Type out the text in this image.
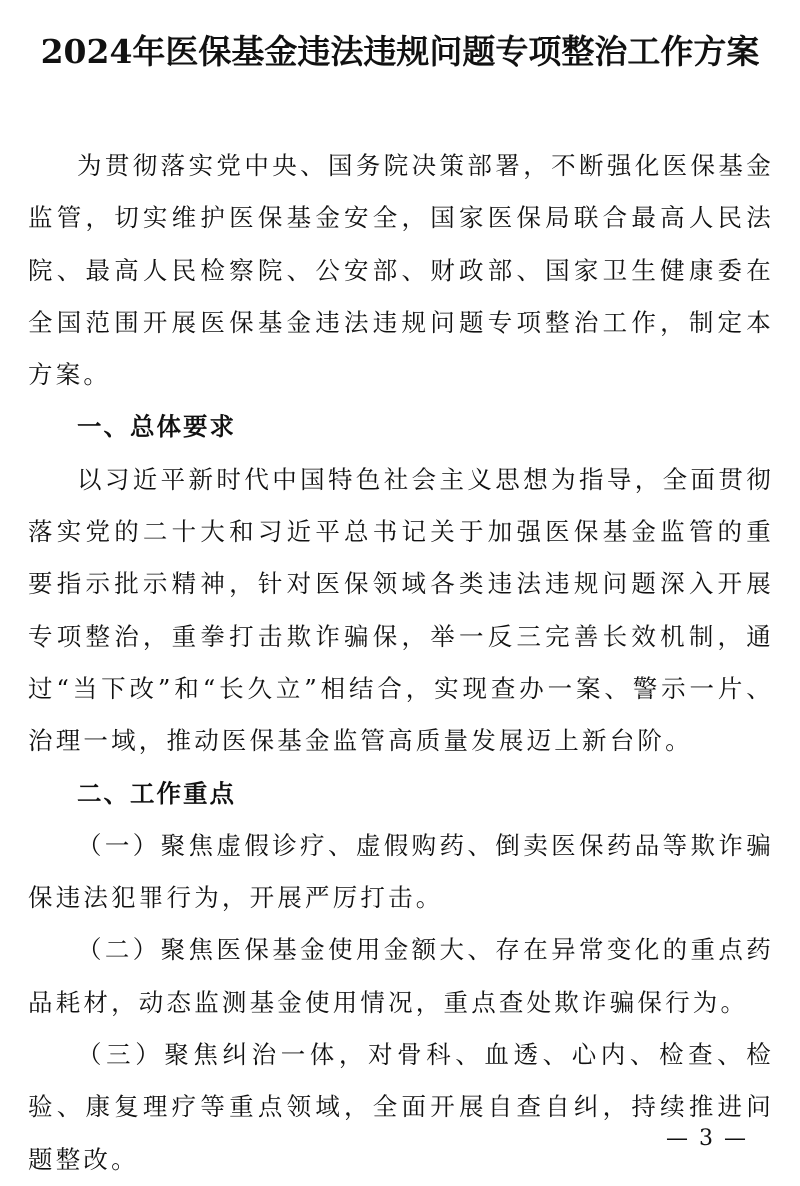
2024年医保基金违法违规问题专项整治工作方案

为贯彻落实党中央、国务院决策部署，不断强化医保基金监管，切实维护医保基金安全，国家医保局联合最高人民法院、最高人民检察院、公安部、财政部、国家卫生健康委在全国范围开展医保基金违法违规问题专项整治工作，制定本方案。

一、总体要求

以习近平新时代中国特色社会主义思想为指导，全面贯彻落实党的二十大和习近平总书记关于加强医保基金监管的重要指示批示精神，针对医保领域各类违法违规问题深入开展专项整治，重拳打击欺诈骗保，举一反三完善长效机制，通过“当下改”和“长久立”相结合，实现查办一案、警示一片、治理一域，推动医保基金监管高质量发展迈上新台阶。

二、工作重点

（一）聚焦虚假诊疗、虚假购药、倒卖医保药品等欺诈骗保违法犯罪行为，开展严厉打击。

（二）聚焦医保基金使用金额大、存在异常变化的重点药品耗材，动态监测基金使用情况，重点查处欺诈骗保行为。

（三）聚焦纠治一体，对骨科、血透、心内、检查、检验、康复理疗等重点领域，全面开展自查自纠，持续推进问题整改。

— 3 —
